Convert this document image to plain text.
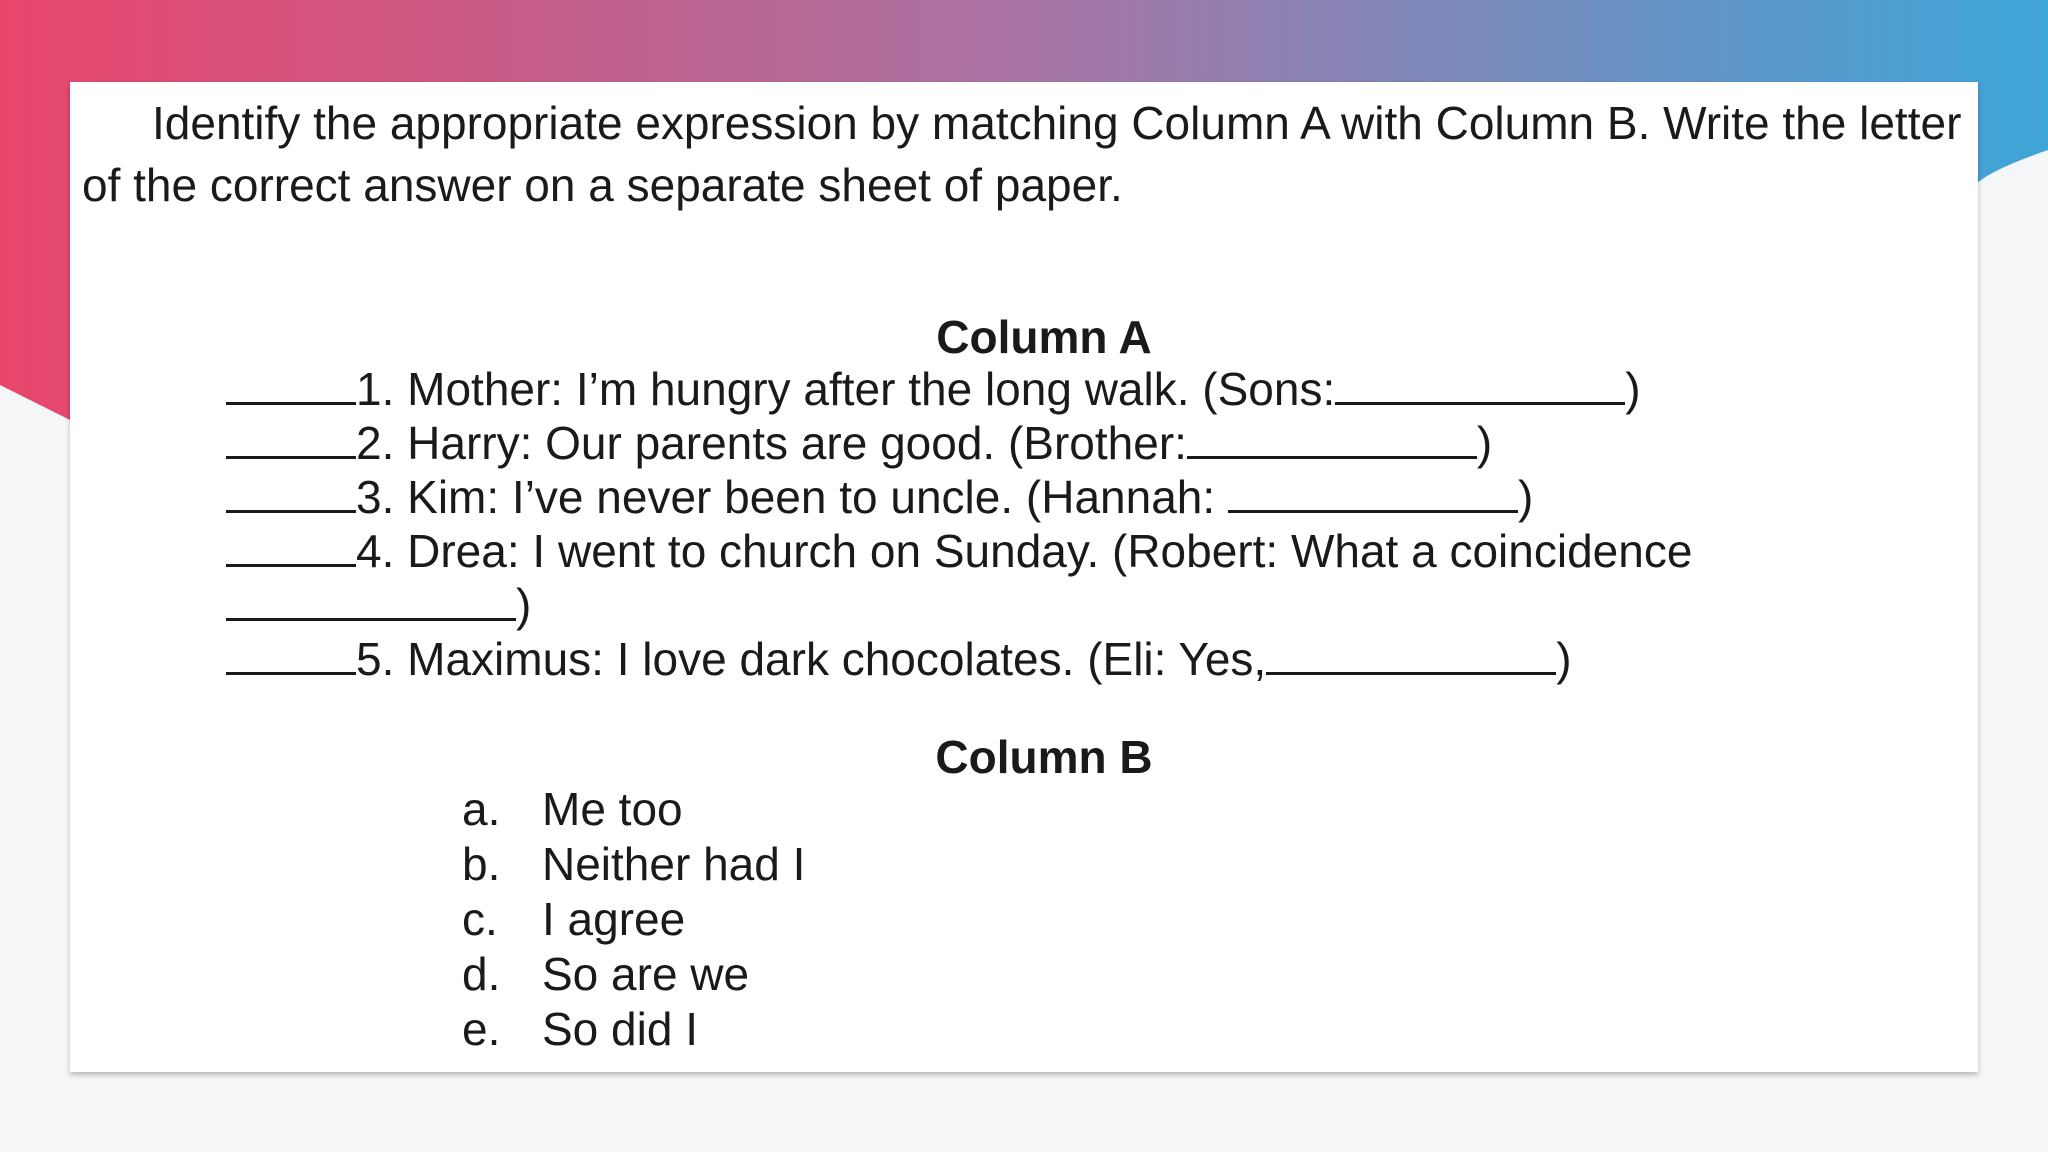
Identify the appropriate expression by matching Column A with Column B. Write the letter of the correct answer on a separate sheet of paper.

Column A
1. Mother: I’m hungry after the long walk. (Sons:	)
2. Harry: Our parents are good. (Brother:	)
3. Kim: I’ve never been to uncle. (Hannah:	)
4. Drea: I went to church on Sunday. (Robert: What a coincidence
)
5. Maximus: I love dark chocolates. (Eli: Yes,	)
Column B
a. Me too
b. Neither had I
c. I agree
d. So are we
e. So did I
